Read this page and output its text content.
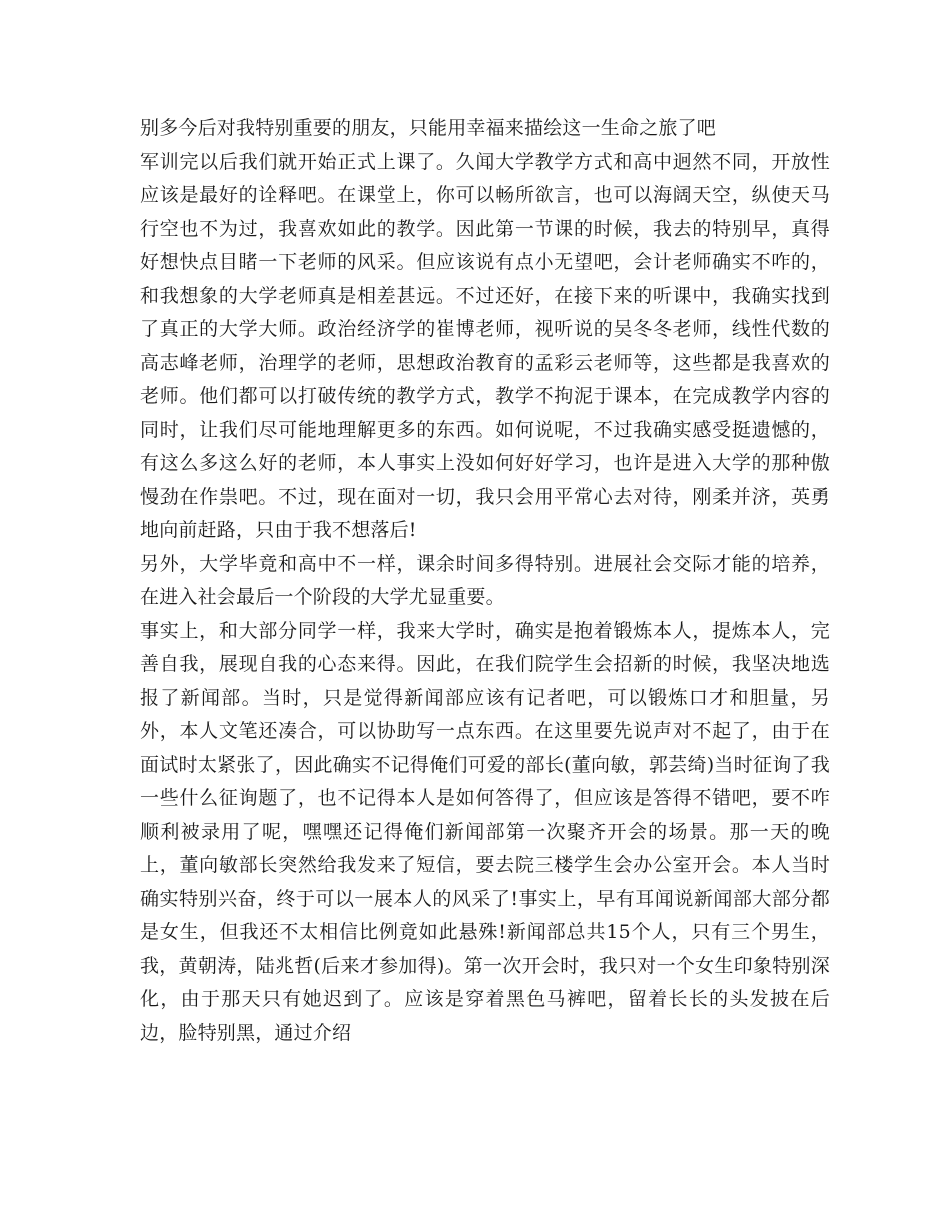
别多今后对我特别重要的朋友，只能用幸福来描绘这一生命之旅了吧

军训完以后我们就开始正式上课了。久闻大学教学方式和高中迥然不同，开放性应该是最好的诠释吧。在课堂上，你可以畅所欲言，也可以海阔天空，纵使天马行空也不为过，我喜欢如此的教学。因此第一节课的时候，我去的特别早，真得好想快点目睹一下老师的风采。但应该说有点小无望吧，会计老师确实不咋的，和我想象的大学老师真是相差甚远。不过还好，在接下来的听课中，我确实找到了真正的大学大师。政治经济学的崔博老师，视听说的吴冬冬老师，线性代数的高志峰老师，治理学的老师，思想政治教育的孟彩云老师等，这些都是我喜欢的老师。他们都可以打破传统的教学方式，教学不拘泥于课本，在完成教学内容的同时，让我们尽可能地理解更多的东西。如何说呢，不过我确实感受挺遗憾的，有这么多这么好的老师，本人事实上没如何好好学习，也许是进入大学的那种傲慢劲在作祟吧。不过，现在面对一切，我只会用平常心去对待，刚柔并济，英勇地向前赶路，只由于我不想落后!

另外，大学毕竟和高中不一样，课余时间多得特别。进展社会交际才能的培养，在进入社会最后一个阶段的大学尤显重要。

事实上，和大部分同学一样，我来大学时，确实是抱着锻炼本人，提炼本人，完善自我，展现自我的心态来得。因此，在我们院学生会招新的时候，我坚决地选报了新闻部。当时，只是觉得新闻部应该有记者吧，可以锻炼口才和胆量，另外，本人文笔还凑合，可以协助写一点东西。在这里要先说声对不起了，由于在面试时太紧张了，因此确实不记得俺们可爱的部长(董向敏，郭芸绮)当时征询了我一些什么征询题了，也不记得本人是如何答得了，但应该是答得不错吧，要不咋顺利被录用了呢，嘿嘿还记得俺们新闻部第一次聚齐开会的场景。那一天的晚上，董向敏部长突然给我发来了短信，要去院三楼学生会办公室开会。本人当时确实特别兴奋，终于可以一展本人的风采了!事实上，早有耳闻说新闻部大部分都是女生，但我还不太相信比例竟如此悬殊!新闻部总共15个人，只有三个男生，我，黄朝涛，陆兆哲(后来才参加得)。第一次开会时，我只对一个女生印象特别深化，由于那天只有她迟到了。应该是穿着黑色马裤吧，留着长长的头发披在后边，脸特别黑，通过介绍
